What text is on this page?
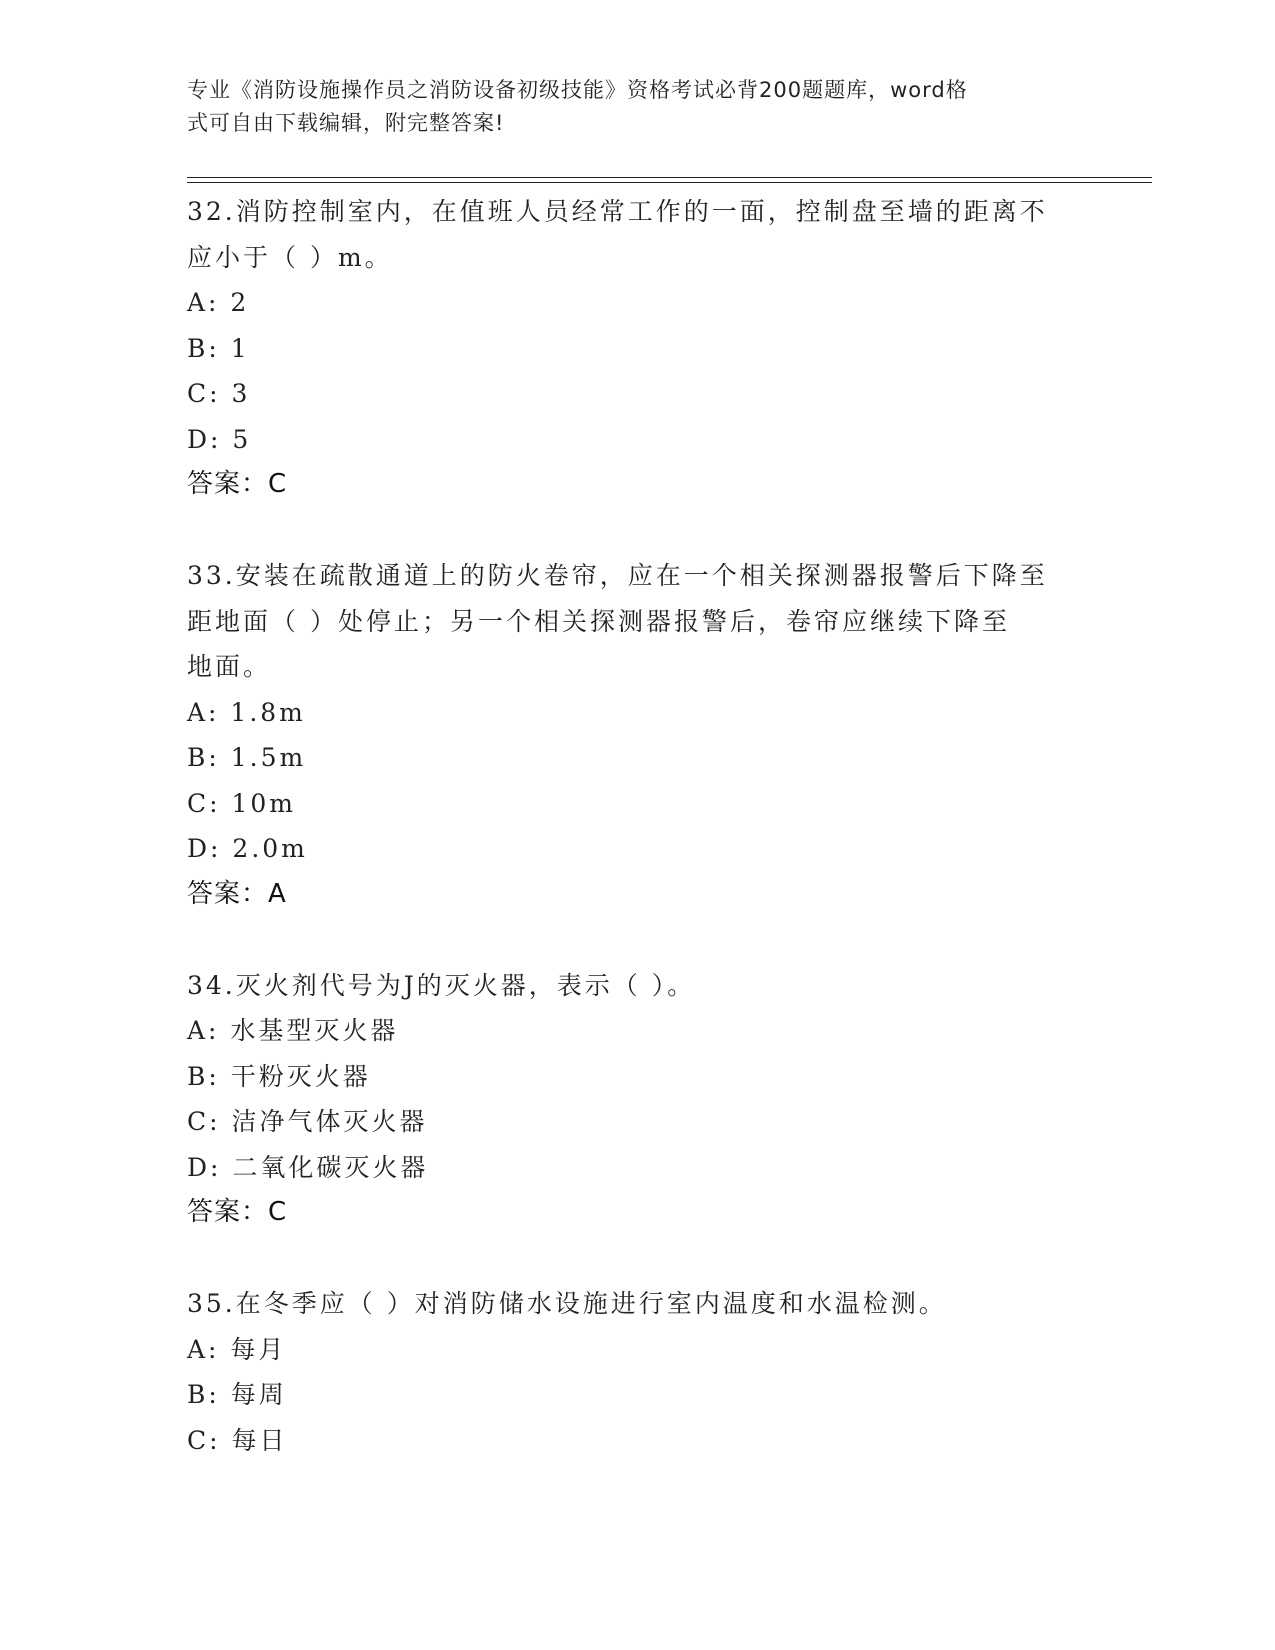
专业《消防设施操作员之消防设备初级技能》资格考试必背200题题库，word格
式可自由下载编辑，附完整答案!
32.消防控制室内，在值班人员经常工作的一面，控制盘至墙的距离不
应小于（ ）m。
A: 2
B: 1
C: 3
D: 5
答案：C
33.安装在疏散通道上的防火卷帘，应在一个相关探测器报警后下降至
距地面（ ）处停止；另一个相关探测器报警后，卷帘应继续下降至
地面。
A: 1.8m
B: 1.5m
C: 10m
D: 2.0m
答案：A
34.灭火剂代号为J的灭火器，表示（ ）。
A: 水基型灭火器
B: 干粉灭火器
C: 洁净气体灭火器
D: 二氧化碳灭火器
答案：C
35.在冬季应（ ）对消防储水设施进行室内温度和水温检测。
A: 每月
B: 每周
C: 每日
